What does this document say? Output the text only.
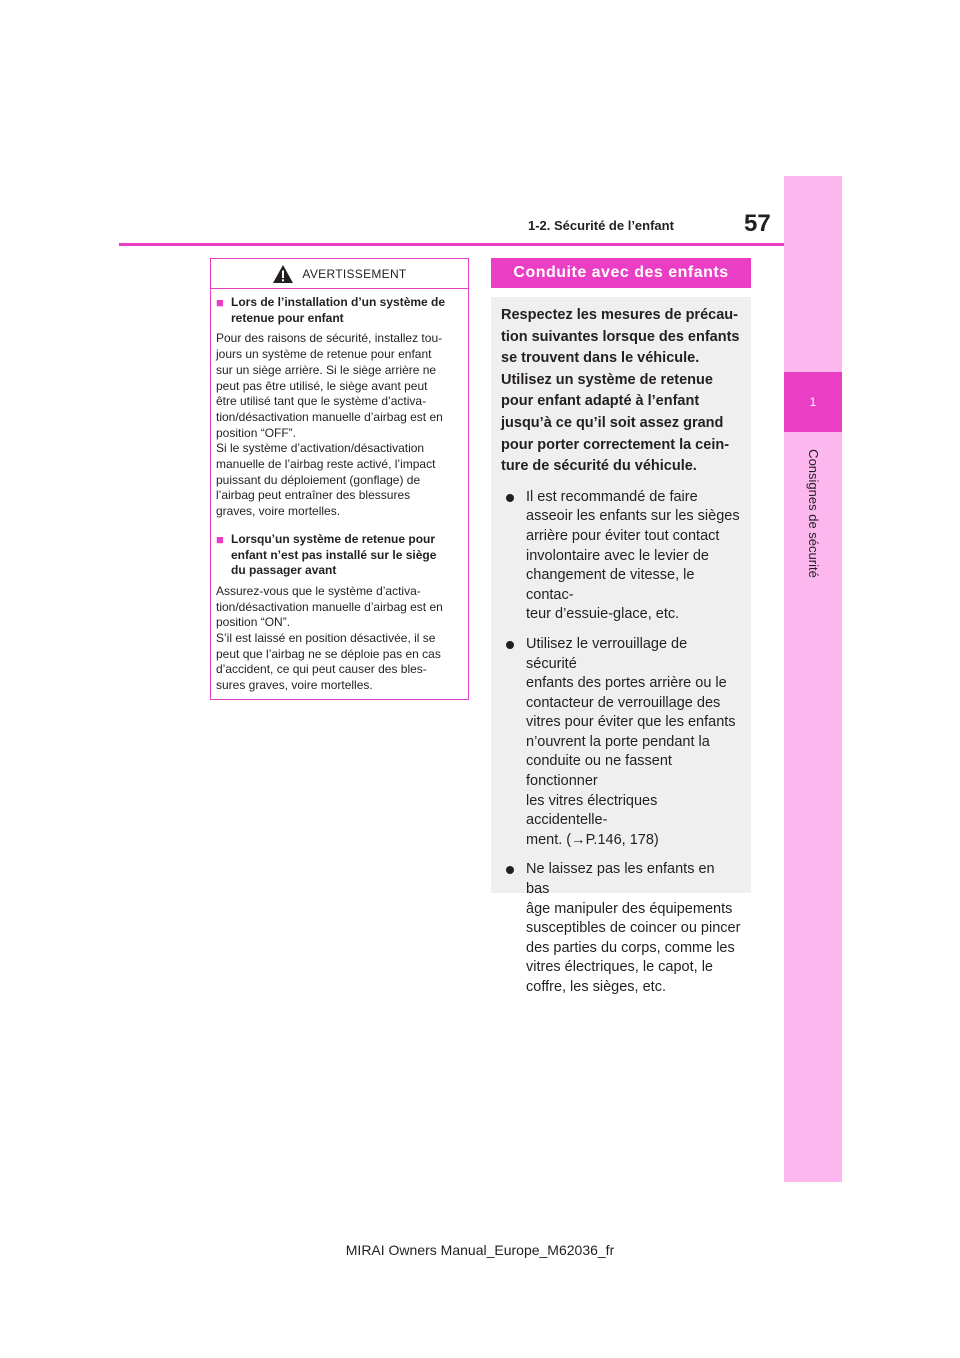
1
Consignes de sécurité
57
1-2. Sécurité de l’enfant
AVERTISSEMENT
■ Lors de l’installation d’un système de
retenue pour enfant
Pour des raisons de sécurité, installez tou-
jours un système de retenue pour enfant
sur un siège arrière. Si le siège arrière ne
peut pas être utilisé, le siège avant peut
être utilisé tant que le système d’activa-
tion/désactivation manuelle d’airbag est en
position “OFF”.
Si le système d’activation/désactivation
manuelle de l’airbag reste activé, l’impact
puissant du déploiement (gonflage) de
l’airbag peut entraîner des blessures
graves, voire mortelles.
■ Lorsqu’un système de retenue pour
enfant n’est pas installé sur le siège
du passager avant
Assurez-vous que le système d’activa-
tion/désactivation manuelle d’airbag est en
position “ON”.
S’il est laissé en position désactivée, il se
peut que l’airbag ne se déploie pas en cas
d’accident, ce qui peut causer des bles-
sures graves, voire mortelles.
Conduite avec des enfants
Respectez les mesures de précau-
tion suivantes lorsque des enfants
se trouvent dans le véhicule.
Utilisez un système de retenue
pour enfant adapté à l’enfant
jusqu’à ce qu’il soit assez grand
pour porter correctement la cein-
ture de sécurité du véhicule.
Il est recommandé de faire
asseoir les enfants sur les sièges
arrière pour éviter tout contact
involontaire avec le levier de
changement de vitesse, le contac-
teur d’essuie-glace, etc.
Utilisez le verrouillage de sécurité
enfants des portes arrière ou le
contacteur de verrouillage des
vitres pour éviter que les enfants
n’ouvrent la porte pendant la
conduite ou ne fassent fonctionner
les vitres électriques accidentelle-
ment. (→P.146, 178)
Ne laissez pas les enfants en bas
âge manipuler des équipements
susceptibles de coincer ou pincer
des parties du corps, comme les
vitres électriques, le capot, le
coffre, les sièges, etc.
MIRAI Owners Manual_Europe_M62036_fr
